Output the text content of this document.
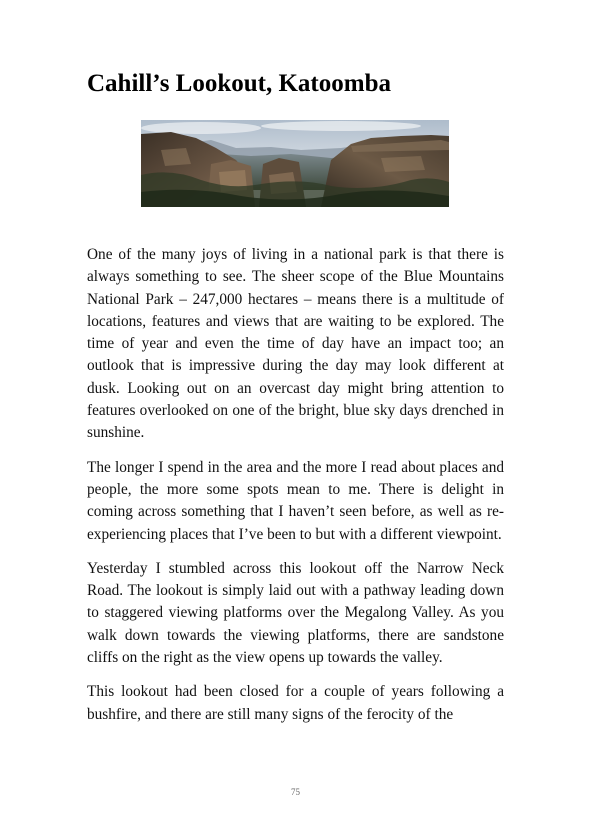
Cahill’s Lookout, Katoomba

One of the many joys of living in a national park is that there is always something to see. The sheer scope of the Blue Mountains National Park – 247,000 hectares – means there is a multitude of locations, features and views that are waiting to be explored. The time of year and even the time of day have an impact too; an outlook that is impressive during the day may look different at dusk. Looking out on an overcast day might bring attention to features overlooked on one of the bright, blue sky days drenched in sunshine.

The longer I spend in the area and the more I read about places and people, the more some spots mean to me. There is delight in coming across something that I haven’t seen before, as well as re-experiencing places that I’ve been to but with a different viewpoint.

Yesterday I stumbled across this lookout off the Narrow Neck Road. The lookout is simply laid out with a pathway leading down to staggered viewing platforms over the Megalong Valley. As you walk down towards the viewing platforms, there are sandstone cliffs on the right as the view opens up towards the valley.

This lookout had been closed for a couple of years following a bushfire, and there are still many signs of the ferocity of the

75
